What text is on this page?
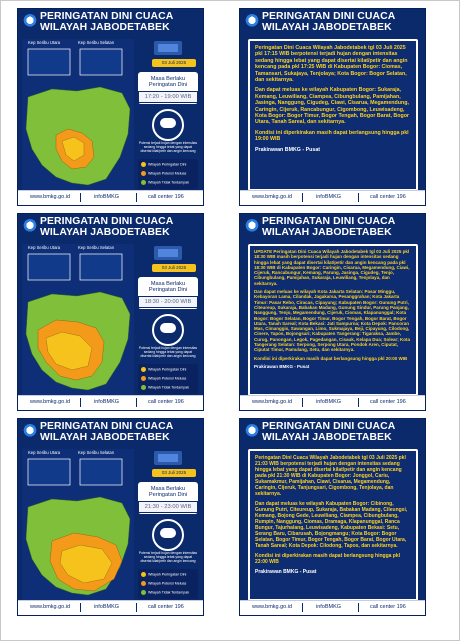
PERINGATAN DINI CUACA
WILAYAH JABODETABEK
Kep Seribu Utara	Kep Seribu Selatan
03 Juli 2025
Masa Berlaku
Peringatan Dini
17:20 - 19:00 WIB
Potensi terjadi hujan dengan intensitas sedang hingga lebat yang dapat disertai kilat/petir dan angin kencang
Wilayah Peringatan Dini
Wilayah Potensi Meluas
Wilayah Tidak Terdampak
www.bmkg.go.id	infoBMKG	call center 196
PERINGATAN DINI CUACA
WILAYAH JABODETABEK

Peringatan Dini Cuaca Wilayah Jabodetabek tgl 03 Juli 2025 pkl 17:15 WIB berpotensi terjadi hujan dengan intensitas sedang hingga lebat yang dapat disertai kilat/petir dan angin kencang pada pkl 17:25 WIB di Kabupaten Bogor: Ciomas, Tamansari, Sukajaya, Tenjolaya; Kota Bogor: Bogor Selatan, dan sekitarnya.

Dan dapat meluas ke wilayah Kabupaten Bogor: Sukaraja, Kemang, Leuwiliang, Ciampea, Cibungbulang, Pamijahan, Jasinga, Nanggung, Cigudeg, Ciawi, Cisarua, Megamendung, Caringin, Cijeruk, Rancabungur, Cigombong, Leuwisadeng, Kota Bogor: Bogor Timur, Bogor Tengah, Bogor Barat, Bogor Utara, Tanah Sareal, dan sekitarnya.

Kondisi ini diperkirakan masih dapat berlangsung hingga pkl 19:00 WIB

Prakirawan BMKG - Pusat

www.bmkg.go.id	infoBMKG	call center 196
PERINGATAN DINI CUACA
WILAYAH JABODETABEK
Kep Seribu Utara	Kep Seribu Selatan
03 Juli 2025
Masa Berlaku
Peringatan Dini
18:30 - 20:00 WIB
Potensi terjadi hujan dengan intensitas sedang hingga lebat yang dapat disertai kilat/petir dan angin kencang
Wilayah Peringatan Dini
Wilayah Potensi Meluas
Wilayah Tidak Terdampak
www.bmkg.go.id	infoBMKG	call center 196
PERINGATAN DINI CUACA
WILAYAH JABODETABEK

UPDATE Peringatan Dini Cuaca Wilayah Jabodetabek tgl 03 Juli 2025 pkl 18:30 WIB masih berpotensi terjadi hujan dengan intensitas sedang hingga lebat yang dapat disertai kilat/petir dan angin kencang pada pkl 18:30 WIB di Kabupaten Bogor: Caringin, Cisarua, Megamendung, Ciawi, Cijeruk, Rancabungur, Kemang, Parung, Jasinga, Cigudeg, Tenjo, Cibungbulang, Pamijahan, Sukaraja, Leuwiliang, Tenjolaya, dan sekitarnya.

Dan dapat meluas ke wilayah Kota Jakarta Selatan: Pasar Minggu, Kebayoran Lama, Cilandak, Jagakarsa, Pesanggrahan; Kota Jakarta Timur: Pasar Rebo, Ciracas, Cipayung; Kabupaten Bogor: Gunung Putri, Citeureup, Sukaraja, Babakan Madang, Gunung Sindur, Parung Panjang, Nanggung, Tenjo, Megamendung, Cijeruk, Ciomas, Klapanunggal; Kota Bogor: Bogor Selatan, Bogor Timur, Bogor Tengah, Bogor Barat, Bogor Utara, Tanah Sareal; Kota Bekasi: Jati Sampurna; Kota Depok: Pancoran Mas, Cimanggis, Sawangan, Limo, Sukmajaya, Beji, Cipayung, Cilodong, Cinere, Tapos, Bojongsari; Kabupaten Tangerang: Tigaraksa, Jambe, Curug, Panongan, Legok, Pagedangan, Cisauk, Kelapa Dua; Solear; Kota Tangerang Selatan: Serpong, Serpong Utara, Pondok Aren, Ciputat, Ciputat Timur, Pamulang, Setu, dan sekitarnya.

Kondisi ini diperkirakan masih dapat berlangsung hingga pkl 20:00 WIB

Prakirawan BMKG - Pusat

www.bmkg.go.id	infoBMKG	call center 196
PERINGATAN DINI CUACA
WILAYAH JABODETABEK
Kep Seribu Utara	Kep Seribu Selatan
03 Juli 2025
Masa Berlaku
Peringatan Dini
21:30 - 23:00 WIB
Potensi terjadi hujan dengan intensitas sedang hingga lebat yang dapat disertai kilat/petir dan angin kencang
Wilayah Peringatan Dini
Wilayah Potensi Meluas
Wilayah Tidak Terdampak
www.bmkg.go.id	infoBMKG	call center 196
PERINGATAN DINI CUACA
WILAYAH JABODETABEK

Peringatan Dini Cuaca Wilayah Jabodetabek tgl 03 Juli 2025 pkl 21:03 WIB berpotensi terjadi hujan dengan intensitas sedang hingga lebat yang dapat disertai kilat/petir dan angin kencang pada pkl 21:30 WIB di Kabupaten Bogor: Jonggol, Cariu, Sukamakmur, Pamijahan, Ciawi, Cisarua, Megamendung, Caringin, Cijeruk, Tanjungsari, Cigombong, Tenjolaya, dan sekitarnya.

Dan dapat meluas ke wilayah Kabupaten Bogor: Cibinong, Gunung Putri, Citeureup, Sukaraja, Babakan Madang, Cileungsi, Kemang, Bojong Gede, Leuwiliang, Ciampea, Cibungbulang, Rumpin, Nanggung, Ciomas, Dramaga, Klapanunggal, Ranca Bungur, Tajurhalang, Leuwisadeng, Kabupaten Bekasi: Setu, Serang Baru, Cibarusah, Bojongmangu; Kota Bogor: Bogor Selatan, Bogor Timur, Bogor Tengah, Bogor Barat, Bogor Utara, Tanah Sareal; Kota Depok: Cilodong, Tapos, dan sekitarnya.

Kondisi ini diperkirakan masih dapat berlangsung hingga pkl 23:00 WIB

Prakirawan BMKG - Pusat

www.bmkg.go.id	infoBMKG	call center 196
